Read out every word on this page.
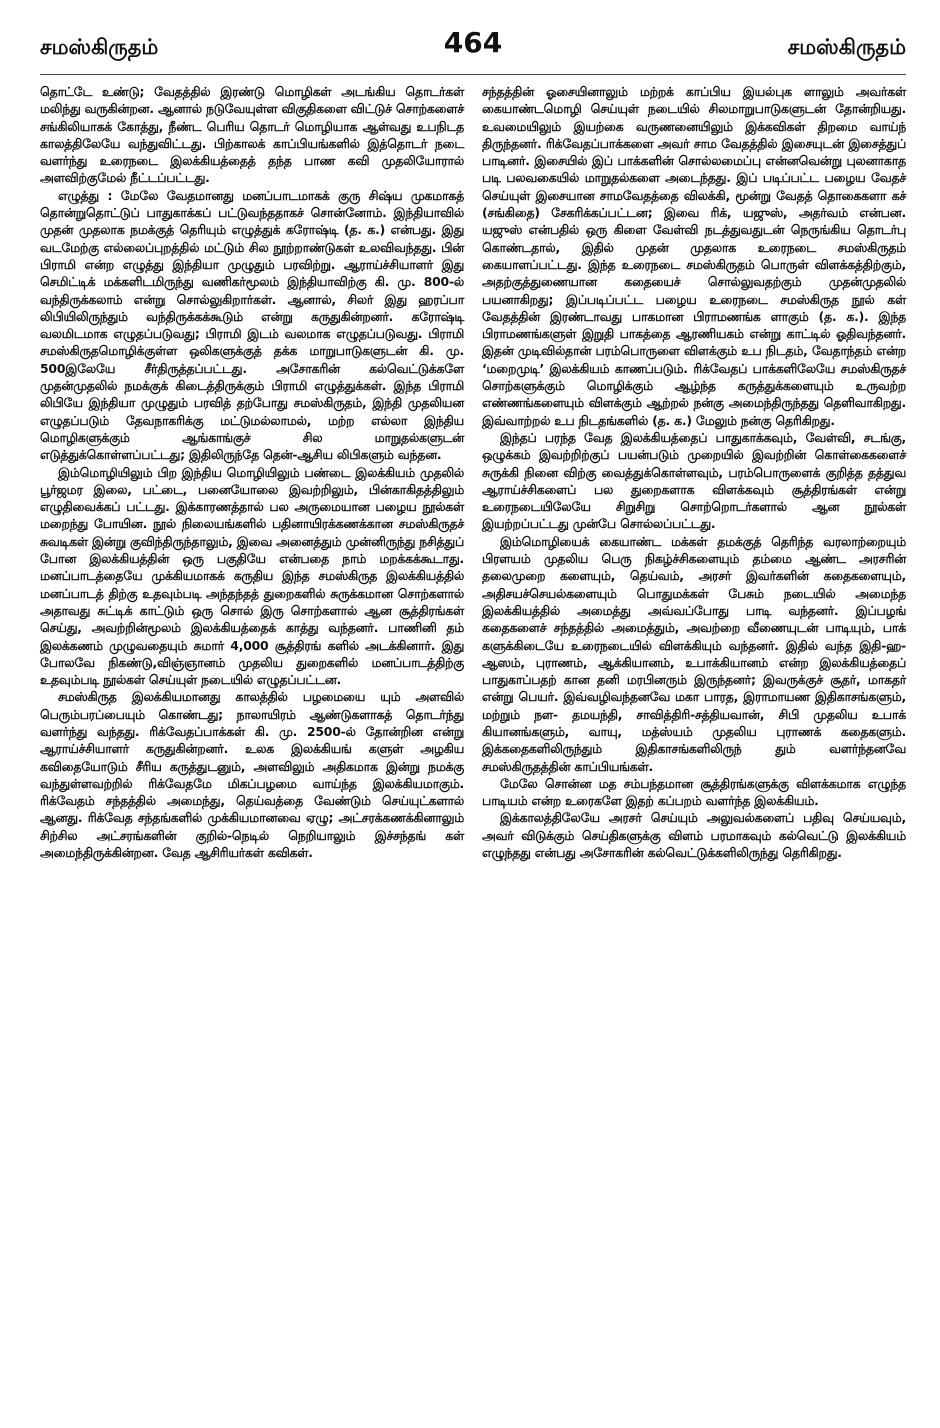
சமஸ்கிருதம்	464	சமஸ்கிருதம்

தொட்டே உண்டு; வேதத்தில் இரண்டு மொழிகள் அடங்கிய தொடர்கள் மலிந்து வருகின்றன. ஆனால் நடுவேயுள்ள விகுதிகளை விட்டுச் சொற்களைச் சங்கிலியாகக் கோத்து, நீண்ட பெரிய தொடர் மொழியாக ஆள்வது உபநிடத காலத்திலேயே வந்துவிட்டது. பிற்காலக் காப்பியங்களில் இத்தொடர் நடை வளர்ந்து உரைநடை இலக்கியத்தைத் தந்த பாண கவி முதலியோரால் அளவிற்குமேல் நீட்டப்பட்டது.

எழுத்து : மேலே வேதமானது மனப்பாடமாகக் குரு சிஷ்ய முகமாகத் தொன்றுதொட்டுப் பாதுகாக்கப் பட்டுவந்ததாகச் சொன்னோம். இந்தியாவில் முதன் முதலாக நமக்குத் தெரியும் எழுத்துக் கரோஷ்டி (த. க.) என்பது. இது வடமேற்கு எல்லைப்புறத்தில் மட்டும் சில நூற்றாண்டுகள் உலவிவந்தது. பின் பிராமி என்ற எழுத்து இந்தியா முழுதும் பரவிற்று. ஆராய்ச்சியாளர் இது செமிட்டிக் மக்களிடமிருந்து வணிகர்மூலம் இந்தியாவிற்கு கி. மு. 800-ல் வந்திருக்கலாம் என்று சொல்லுகிறார்கள். ஆனால், சிலர் இது ஹரப்பா லிபியிலிருந்தும் வந்திருக்கக்கூடும் என்று கருதுகின்றனர். கரோஷ்டி வலமிடமாக எழுதப்படுவது; பிராமி இடம் வலமாக எழுதப்படுவது. பிராமி சமஸ்கிருதமொழிக்குள்ள ஒலிகளுக்குத் தக்க மாறுபாடுகளுடன் கி. மு. 500இலேயே சீர்திருத்தப்பட்டது. அசோகரின் கல்வெட்டுக்களே முதன்முதலில் நமக்குக் கிடைத்திருக்கும் பிராமி எழுத்துக்கள். இந்த பிராமி லிபியே இந்தியா முழுதும் பரவித் தற்போது சமஸ்கிருதம், இந்தி முதலியன எழுதப்படும் தேவநாகரிக்கு மட்டுமல்லாமல், மற்ற எல்லா இந்திய மொழிகளுக்கும் ஆங்காங்குச் சில மாறுதல்களுடன் எடுத்துக்கொள்ளப்பட்டது; இதிலிருந்தே தென்-ஆசிய லிபிகளும் வந்தன.

இம்மொழியிலும் பிற இந்திய மொழியிலும் பண்டை இலக்கியம் முதலில் பூர்ஜமர இலை, பட்டை, பனையோலை இவற்றிலும், பின்காகிதத்திலும் எழுதிவைக்கப் பட்டது. இக்காரணத்தால் பல அருமையான பழைய நூல்கள் மறைந்து போயின. நூல் நிலையங்களில் பதினாயிரக்கணக்கான சமஸ்கிருதச் சுவடிகள் இன்று குவிந்திருந்தாலும், இவை அனைத்தும் முன்னிருந்து நசித்துப் போன இலக்கியத்தின் ஒரு பகுதியே என்பதை நாம் மறக்கக்கூடாது. மனப்பாடத்தையே முக்கியமாகக் கருதிய இந்த சமஸ்கிருத இலக்கியத்தில் மனப்பாடத் திற்கு உதவும்படி அந்தந்தத் துறைகளில் சுருக்கமான சொற்களால் அதாவது சுட்டிக் காட்டும் ஒரு சொல் இரு சொற்களால் ஆன சூத்திரங்கள் செய்து, அவற்றின்மூலம் இலக்கியத்தைக் காத்து வந்தனர். பாணினி தம் இலக்கணம் முழுவதையும் சுமார் 4,000 சூத்திரங் களில் அடக்கினார். இது போலவே நிகண்டு,விஞ்ஞானம் முதலிய துறைகளில் மனப்பாடத்திற்கு உதவும்படி நூல்கள் செய்யுள் நடையில் எழுதப்பட்டன.

சமஸ்கிருத இலக்கியமானது காலத்தில் பழமையை யும் அளவில் பெரும்பரப்பையும் கொண்டது; நாலாயிரம் ஆண்டுகளாகத் தொடர்ந்து வளர்ந்து வந்தது. ரிக்வேதப்பாக்கள் கி. மு. 2500-ல் தோன்றின என்று ஆராய்ச்சியாளர் கருதுகின்றனர். உலக இலக்கியங் களுள் அழகிய கவிதையோடும் சீரிய கருத்துடனும், அளவிலும் அதிகமாக இன்று நமக்கு வந்துள்ளவற்றில் ரிக்வேதமே மிகப்பழமை வாய்ந்த இலக்கியமாகும். ரிக்வேதம் சந்தத்தில் அமைந்து, தெய்வத்தை வேண்டும் செய்யுட்களால் ஆனது. ரிக்வேத சந்தங்களில் முக்கியமானவை ஏழு; அட்சரக்கணக்கினாலும் சிற்சில அட்சரங்களின் குறில்-நெடில் நெறியாலும் இச்சந்தங் கள் அமைந்திருக்கின்றன. வேத ஆசிரியர்கள் கவிகள்.

சந்தத்தின் ஓசையினாலும் மற்றக் காப்பிய இயல்புக ளாலும் அவர்கள் கையாண்டமொழி செய்யுள் நடையில் சிலமாறுபாடுகளுடன் தோன்றியது. உவமையிலும் இயற்கை வருணனையிலும் இக்கவிகள் திறமை வாய்ந் திருந்தனர். ரிக்வேதப்பாக்களை அவர் சாம வேதத்தில் இசையுடன் இசைத்துப் பாடினர். இசையில் இப் பாக்களின் சொல்லமைப்பு என்னவென்று புலனாகாத படி பலவகையில் மாறுதல்களை அடைந்தது. இப் படிப்பட்ட பழைய வேதச் செய்யுள் இசையான சாமவேதத்தை விலக்கி, மூன்று வேதத் தொகைகளா கச் (சங்கிதை) சேகரிக்கப்பட்டன; இவை ரிக், யஜுஸ், அதர்வம் என்பன. யஜுஸ் என்பதில் ஒரு கிளை வேள்வி நடத்துவதுடன் நெருங்கிய தொடர்பு கொண்டதால், இதில் முதன் முதலாக உரைநடை சமஸ்கிருதம் கையாளப்பட்டது. இந்த உரைநடை சமஸ்கிருதம் பொருள் விளக்கத்திற்கும், அதற்குத்துணையான கதையைச் சொல்லுவதற்கும் முதன்முதலில் பயனாகிறது; இப்படிப்பட்ட பழைய உரைநடை சமஸ்கிருத நூல் கள் வேதத்தின் இரண்டாவது பாகமான பிராமணங்க ளாகும் (த. க.). இந்த பிராமணங்களுள் இறுதி பாகத்தை ஆரணியகம் என்று காட்டில் ஓதிவந்தனர். இதன் முடிவில்தான் பரம்பொருளை விளக்கும் உப நிடதம், வேதாந்தம் என்ற ‘மறைமுடி’ இலக்கியம் காணப்படும். ரிக்வேதப் பாக்களிலேயே சமஸ்கிருதச் சொற்களுக்கும் மொழிக்கும் ஆழ்ந்த கருத்துக்களையும் உருவற்ற எண்ணங்களையும் விளக்கும் ஆற்றல் நன்கு அமைந்திருந்தது தெளிவாகிறது. இவ்வாற்றல் உப நிடதங்களில் (த. க.) மேலும் நன்கு தெரிகிறது.

இந்தப் பரந்த வேத இலக்கியத்தைப் பாதுகாக்கவும், வேள்வி, சடங்கு, ஒழுக்கம் இவற்றிற்குப் பயன்படும் முறையில் இவற்றின் கொள்கைகளைச் சுருக்கி நினை விற்கு வைத்துக்கொள்ளவும், பரம்பொருளைக் குறித்த தத்துவ ஆராய்ச்சிகளைப் பல துறைகளாக விளக்கவும் சூத்திரங்கள் என்று உரைநடையிலேயே சிறுசிறு சொற்றொடர்களால் ஆன நூல்கள் இயற்றப்பட்டது முன்பே சொல்லப்பட்டது.

இம்மொழியைக் கையாண்ட மக்கள் தமக்குத் தெரிந்த வரலாற்றையும் பிரளயம் முதலிய பெரு நிகழ்ச்சிகளையும் தம்மை ஆண்ட அரசரின் தலைமுறை களையும், தெய்வம், அரசர் இவர்களின் கதைகளையும், அதிசயச்செயல்களையும் பொதுமக்கள் பேசும் நடையில் அமைந்த இலக்கியத்தில் அமைத்து அவ்வப்போது பாடி வந்தனர். இப்பழங் கதைகளைச் சந்தத்தில் அமைத்தும், அவற்றை வீணையுடன் பாடியும், பாக் களுக்கிடையே உரைநடையில் விளக்கியும் வந்தனர். இதில் வந்த இதி-ஹ-ஆஸம், புராணம், ஆக்கியானம், உபாக்கியானம் என்ற இலக்கியத்தைப் பாதுகாப்பதற் கான தனி மரபினரும் இருந்தனர்; இவருக்குச் சூதர், மாகதர் என்று பெயர். இவ்வழிவந்தனவே மகா பாரத, இராமாயண இதிகாசங்களும், மற்றும் நள- தமயந்தி, சாவித்திரி-சத்தியவான், சிபி முதலிய உபாக் கியானங்களும், வாயு, மத்ஸ்யம் முதலிய புராணக் கதைகளும். இக்கதைகளிலிருந்தும் இதிகாசங்களிலிருந் தும் வளர்ந்தனவே சமஸ்கிருதத்தின் காப்பியங்கள்.

மேலே சொன்ன மத சம்பந்தமான சூத்திரங்களுக்கு விளக்கமாக எழுந்த பாடியம் என்ற உரைகளே இதற் கப்பறம் வளர்ந்த இலக்கியம்.

இக்காலத்திலேயே அரசர் செய்யும் அலுவல்களைப் பதிவு செய்யவும், அவர் விடுக்கும் செய்திகளுக்கு விளம் பரமாகவும் கல்வெட்டு இலக்கியம் எழுந்தது என்பது அசோகரின் கல்வெட்டுக்களிலிருந்து தெரிகிறது.
